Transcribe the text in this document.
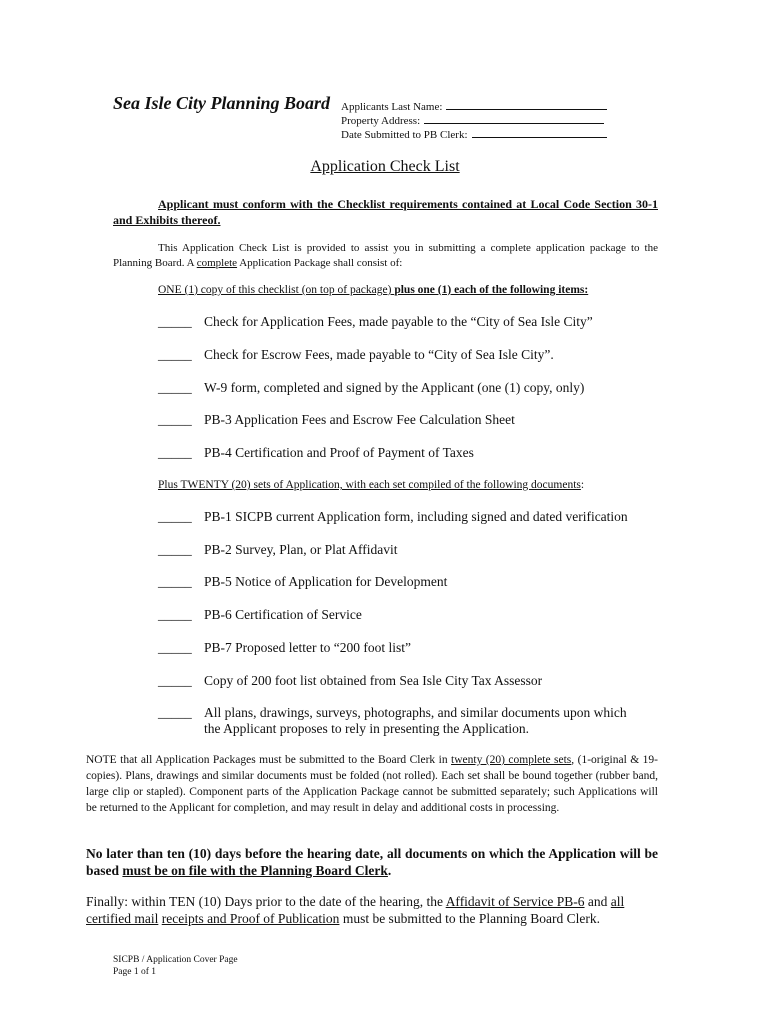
Sea Isle City Planning Board Applicants Last Name:
Property Address:
Date Submitted to PB Clerk:
Application Check List
Applicant must conform with the Checklist requirements contained at Local Code Section 30-1 and Exhibits thereof.
This Application Check List is provided to assist you in submitting a complete application package to the Planning Board. A complete Application Package shall consist of:
ONE (1) copy of this checklist (on top of package) plus one (1) each of the following items:
_____ Check for Application Fees, made payable to the “City of Sea Isle City”
_____ Check for Escrow Fees, made payable to “City of Sea Isle City”.
_____ W-9 form, completed and signed by the Applicant (one (1) copy, only)
_____ PB-3 Application Fees and Escrow Fee Calculation Sheet
_____ PB-4 Certification and Proof of Payment of Taxes
Plus TWENTY (20) sets of Application, with each set compiled of the following documents:
_____ PB-1 SICPB current Application form, including signed and dated verification
_____ PB-2 Survey, Plan, or Plat Affidavit
_____ PB-5 Notice of Application for Development
_____ PB-6 Certification of Service
_____ PB-7 Proposed letter to “200 foot list”
_____ Copy of 200 foot list obtained from Sea Isle City Tax Assessor
_____ All plans, drawings, surveys, photographs, and similar documents upon which
the Applicant proposes to rely in presenting the Application.
NOTE that all Application Packages must be submitted to the Board Clerk in twenty (20) complete sets, (1-original & 19-copies). Plans, drawings and similar documents must be folded (not rolled). Each set shall be bound together (rubber band, large clip or stapled). Component parts of the Application Package cannot be submitted separately; such Applications will be returned to the Applicant for completion, and may result in delay and additional costs in processing.
No later than ten (10) days before the hearing date, all documents on which the Application will be based must be on file with the Planning Board Clerk.
Finally: within TEN (10) Days prior to the date of the hearing, the Affidavit of Service PB-6 and all certified mail receipts and Proof of Publication must be submitted to the Planning Board Clerk.
SICPB / Application Cover Page
Page 1 of 1
